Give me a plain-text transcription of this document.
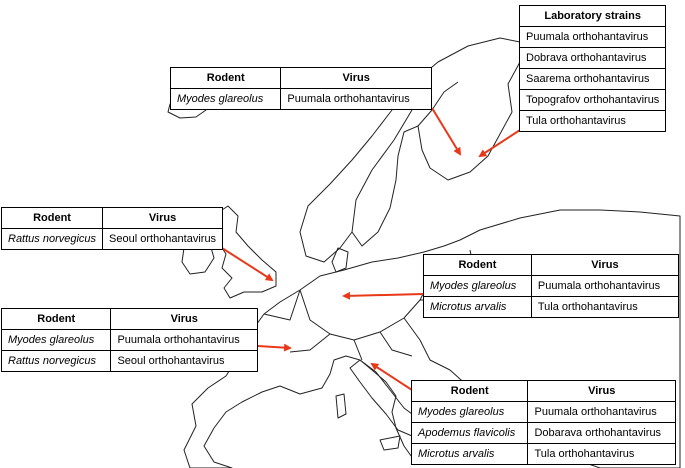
Laboratory strains
Puumala orthohantavirus
Dobrava orthohantavirus
Saarema orthohantavirus
Topografov orthohantavirus
Tula orthohantavirus
Rodent	Virus
Myodes glareolus	Puumala orthohantavirus
Rodent	Virus
Rattus norvegicus	Seoul orthohantavirus
Rodent	Virus
Myodes glareolus	Puumala orthohantavirus
Microtus arvalis	Tula orthohantavirus
Rodent	Virus
Myodes glareolus	Puumala orthohantavirus
Rattus norvegicus	Seoul orthohantavirus
Rodent	Virus
Myodes glareolus	Puumala orthohantavirus
Apodemus flavicolis	Dobarava orthohantavirus
Microtus arvalis	Tula orthohantavirus
